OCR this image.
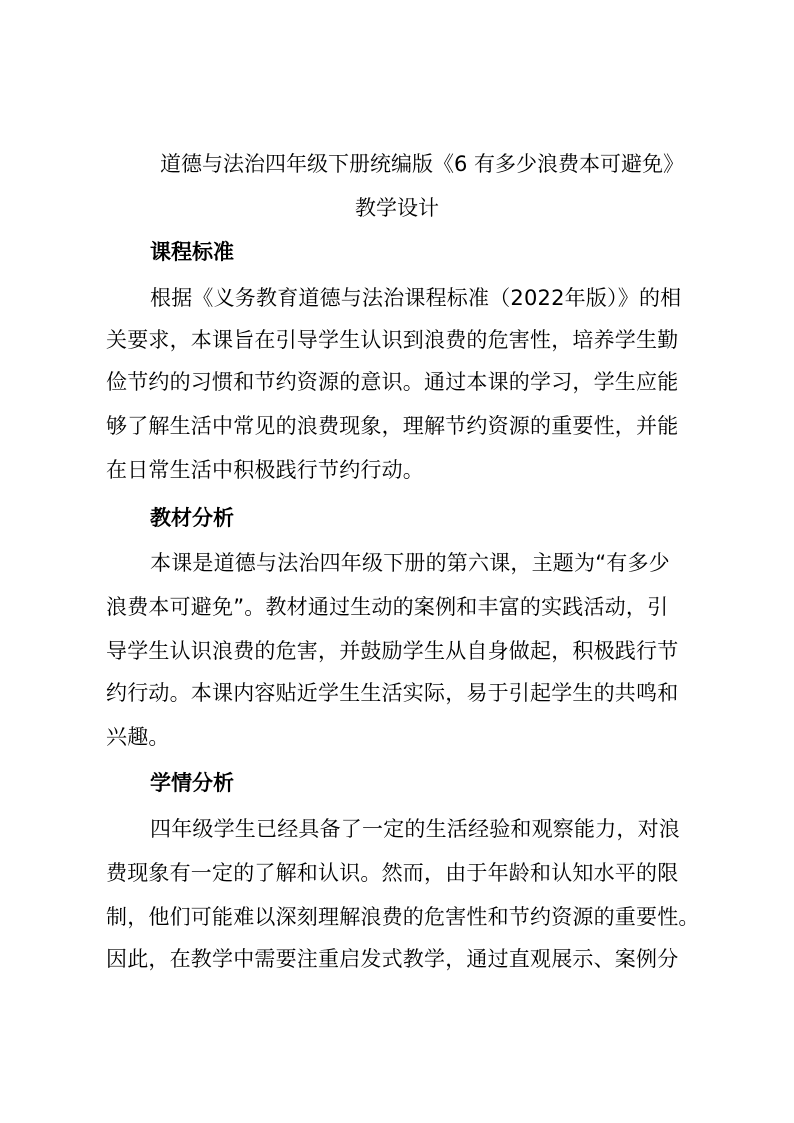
道德与法治四年级下册统编版《6 有多少浪费本可避免》
教学设计
课程标准
根据《义务教育道德与法治课程标准（2022年版）》的相
关要求，本课旨在引导学生认识到浪费的危害性，培养学生勤
俭节约的习惯和节约资源的意识。通过本课的学习，学生应能
够了解生活中常见的浪费现象，理解节约资源的重要性，并能
在日常生活中积极践行节约行动。
教材分析
本课是道德与法治四年级下册的第六课，主题为“有多少
浪费本可避免”。教材通过生动的案例和丰富的实践活动，引
导学生认识浪费的危害，并鼓励学生从自身做起，积极践行节
约行动。本课内容贴近学生生活实际，易于引起学生的共鸣和
兴趣。
学情分析
四年级学生已经具备了一定的生活经验和观察能力，对浪
费现象有一定的了解和认识。然而，由于年龄和认知水平的限
制，他们可能难以深刻理解浪费的危害性和节约资源的重要性。
因此，在教学中需要注重启发式教学，通过直观展示、案例分
